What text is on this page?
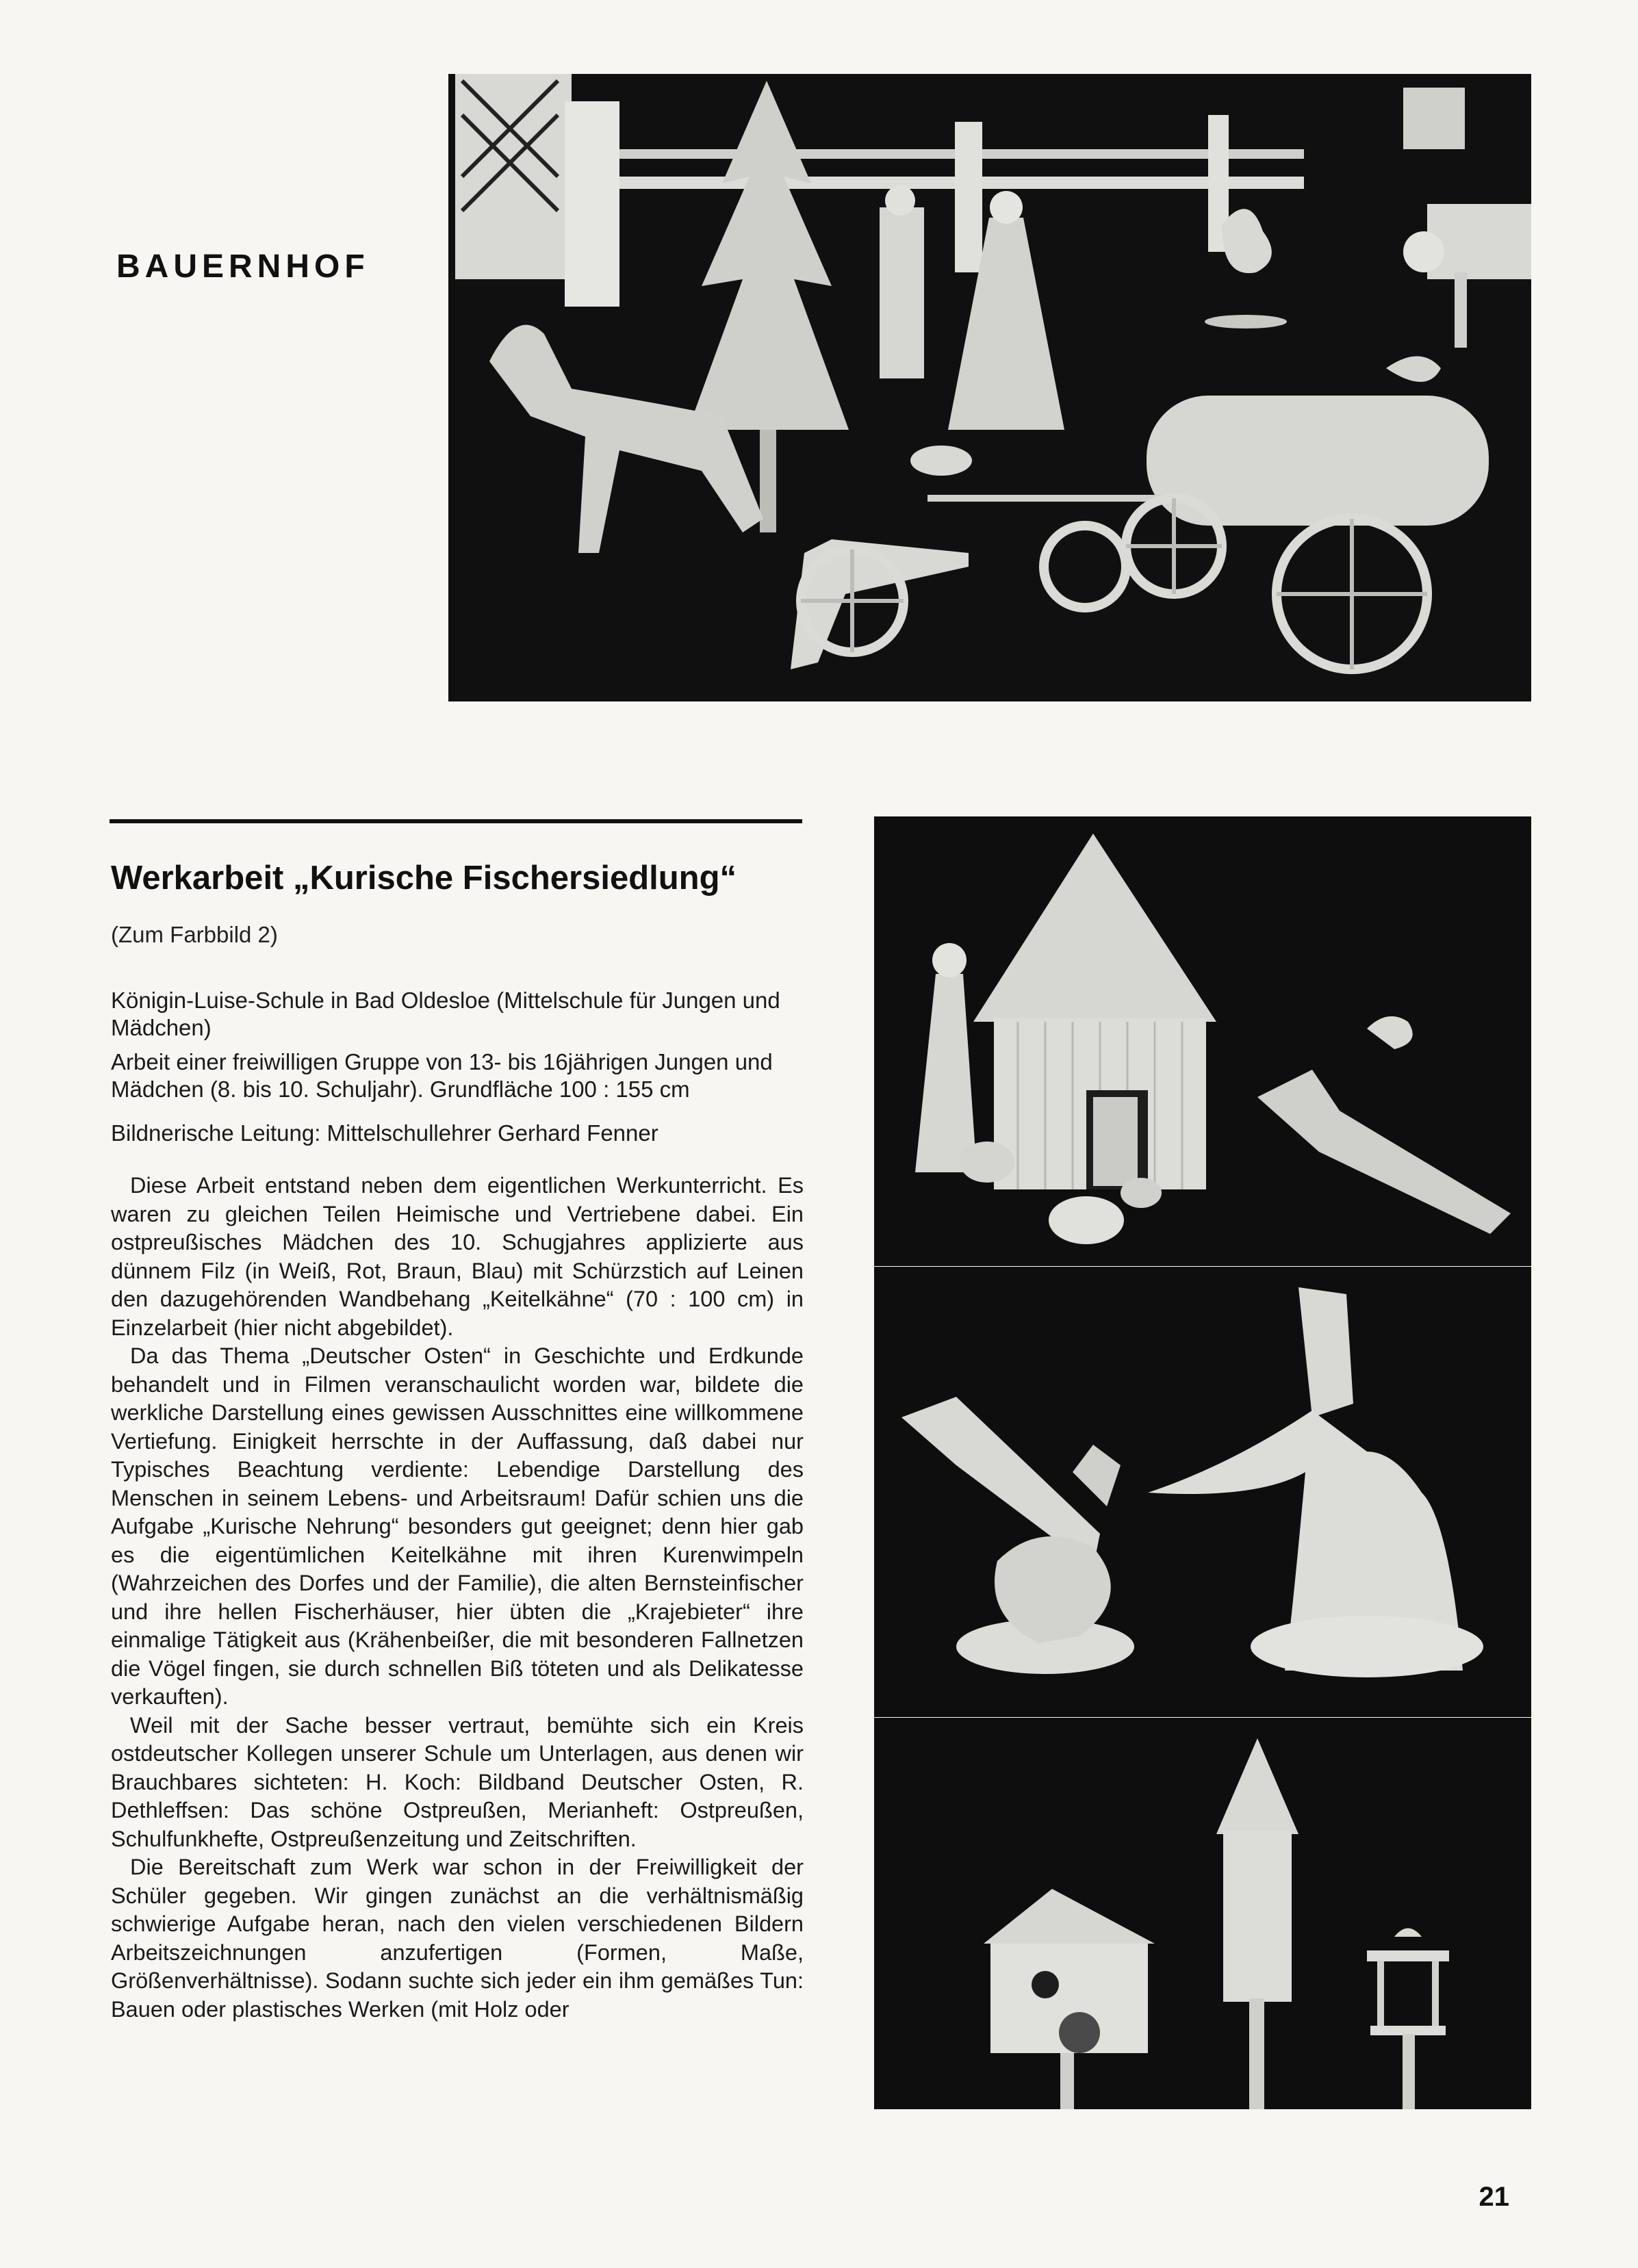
BAUERNHOF
Werkarbeit „Kurische Fischersiedlung“
(Zum Farbbild 2)
Königin-Luise-Schule in Bad Oldesloe (Mittelschule für Jungen und Mädchen)
Arbeit einer freiwilligen Gruppe von 13- bis 16jährigen Jungen und Mädchen (8. bis 10. Schuljahr). Grundfläche 100 : 155 cm
Bildnerische Leitung: Mittelschullehrer Gerhard Fenner

Diese Arbeit entstand neben dem eigentlichen Werkunterricht. Es waren zu gleichen Teilen Heimische und Vertriebene dabei. Ein ostpreußisches Mädchen des 10. Schugjahres applizierte aus dünnem Filz (in Weiß, Rot, Braun, Blau) mit Schürzstich auf Leinen den dazugehörenden Wandbehang „Keitelkähne“ (70 : 100 cm) in Einzelarbeit (hier nicht abgebildet).

Da das Thema „Deutscher Osten“ in Geschichte und Erdkunde behandelt und in Filmen veranschaulicht worden war, bildete die werkliche Darstellung eines gewissen Ausschnittes eine willkommene Vertiefung. Einigkeit herrschte in der Auffassung, daß dabei nur Typisches Beachtung verdiente: Lebendige Darstellung des Menschen in seinem Lebens- und Arbeitsraum! Dafür schien uns die Aufgabe „Kurische Nehrung“ besonders gut geeignet; denn hier gab es die eigentümlichen Keitelkähne mit ihren Kurenwimpeln (Wahrzeichen des Dorfes und der Familie), die alten Bernsteinfischer und ihre hellen Fischerhäuser, hier übten die „Krajebieter“ ihre einmalige Tätigkeit aus (Krähenbeißer, die mit besonderen Fallnetzen die Vögel fingen, sie durch schnellen Biß töteten und als Delikatesse verkauften).

Weil mit der Sache besser vertraut, bemühte sich ein Kreis ostdeutscher Kollegen unserer Schule um Unterlagen, aus denen wir Brauchbares sichteten: H. Koch: Bildband Deutscher Osten, R. Dethleffsen: Das schöne Ostpreußen, Merianheft: Ostpreußen, Schulfunkhefte, Ostpreußenzeitung und Zeitschriften.

Die Bereitschaft zum Werk war schon in der Freiwilligkeit der Schüler gegeben. Wir gingen zunächst an die verhältnismäßig schwierige Aufgabe heran, nach den vielen verschiedenen Bildern Arbeitszeichnungen anzufertigen (Formen, Maße, Größenverhältnisse). Sodann suchte sich jeder ein ihm gemäßes Tun: Bauen oder plastisches Werken (mit Holz oder

21
